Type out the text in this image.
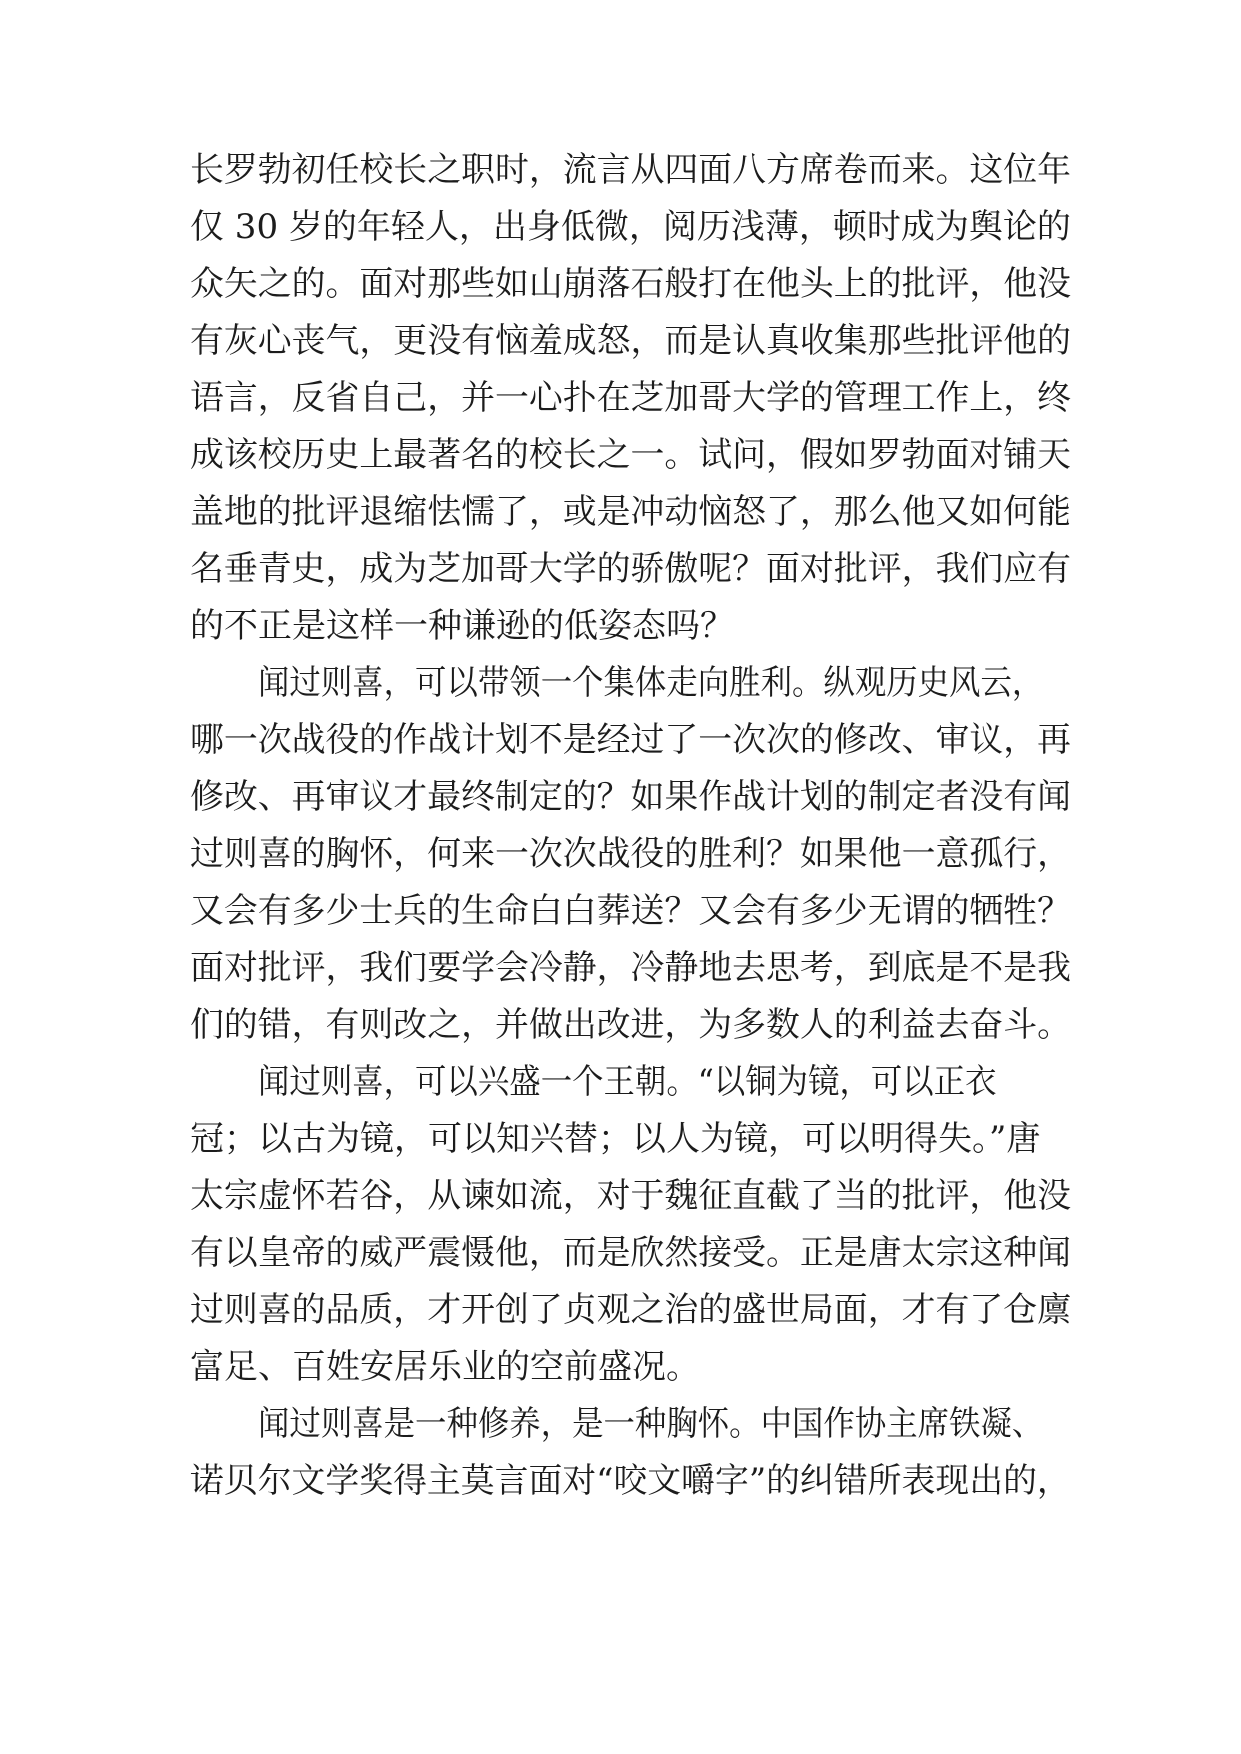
长罗勃初任校长之职时，流言从四面八方席卷而来。这位年
仅 30 岁的年轻人，出身低微，阅历浅薄，顿时成为舆论的
众矢之的。面对那些如山崩落石般打在他头上的批评，他没
有灰心丧气，更没有恼羞成怒，而是认真收集那些批评他的
语言，反省自己，并一心扑在芝加哥大学的管理工作上，终
成该校历史上最著名的校长之一。试问，假如罗勃面对铺天
盖地的批评退缩怯懦了，或是冲动恼怒了，那么他又如何能
名垂青史，成为芝加哥大学的骄傲呢？面对批评，我们应有
的不正是这样一种谦逊的低姿态吗？
闻过则喜，可以带领一个集体走向胜利。纵观历史风云，
哪一次战役的作战计划不是经过了一次次的修改、审议，再
修改、再审议才最终制定的？如果作战计划的制定者没有闻
过则喜的胸怀，何来一次次战役的胜利？如果他一意孤行，
又会有多少士兵的生命白白葬送？又会有多少无谓的牺牲？
面对批评，我们要学会冷静，冷静地去思考，到底是不是我
们的错，有则改之，并做出改进，为多数人的利益去奋斗。
闻过则喜，可以兴盛一个王朝。“以铜为镜，可以正衣
冠；以古为镜，可以知兴替；以人为镜，可以明得失。”唐
太宗虚怀若谷，从谏如流，对于魏征直截了当的批评，他没
有以皇帝的威严震慑他，而是欣然接受。正是唐太宗这种闻
过则喜的品质，才开创了贞观之治的盛世局面，才有了仓廪
富足、百姓安居乐业的空前盛况。
闻过则喜是一种修养，是一种胸怀。中国作协主席铁凝、
诺贝尔文学奖得主莫言面对“咬文嚼字”的纠错所表现出的，
